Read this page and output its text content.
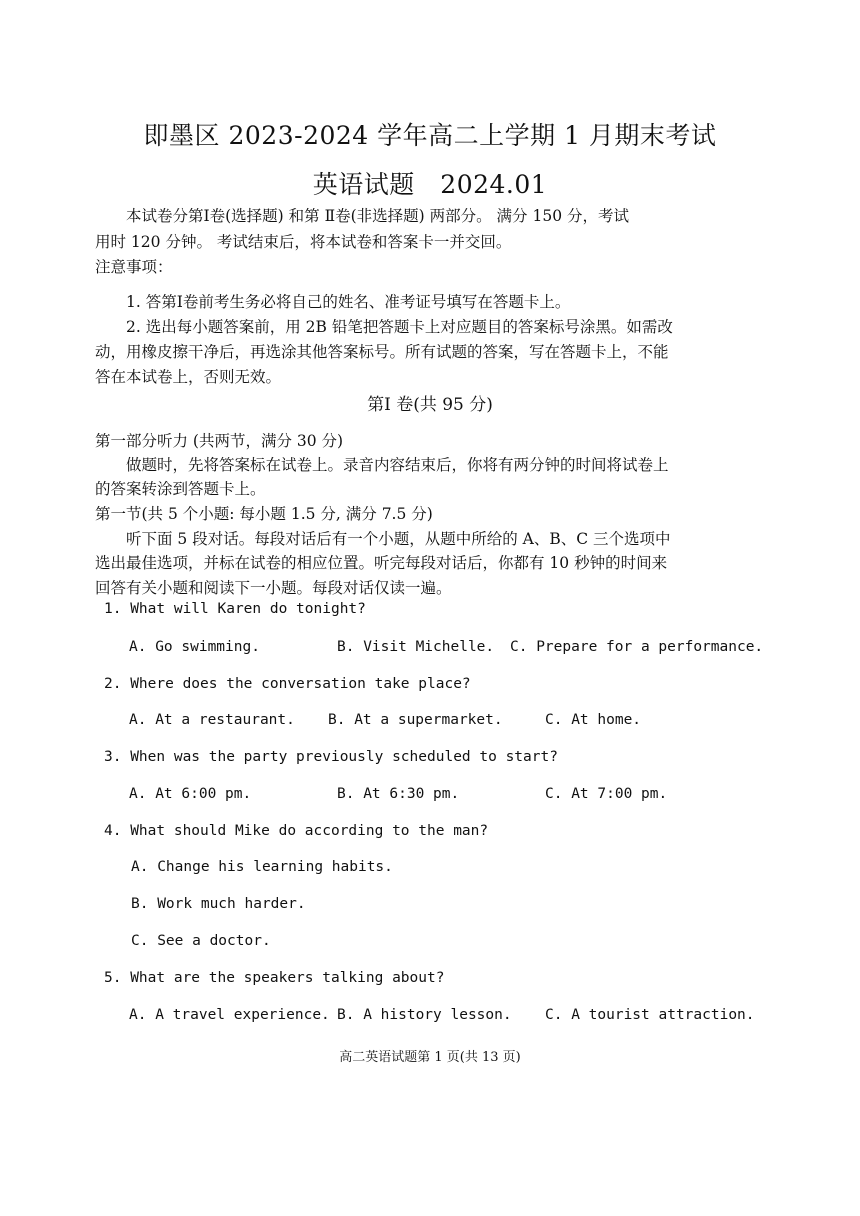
即墨区 2023-2024 学年高二上学期 1 月期末考试
英语试题　2024.01
　　本试卷分第Ⅰ卷(选择题) 和第 Ⅱ卷(非选择题) 两部分。 满分 150 分，考试
用时 120 分钟。 考试结束后，将本试卷和答案卡一并交回。
注意事项：
　　1. 答第Ⅰ卷前考生务必将自己的姓名、准考证号填写在答题卡上。
　　2. 选出每小题答案前，用 2B 铅笔把答题卡上对应题目的答案标号涂黑。如需改
动，用橡皮擦干净后，再选涂其他答案标号。所有试题的答案，写在答题卡上，不能
答在本试卷上，否则无效。
第Ⅰ 卷(共 95 分)
第一部分听力 (共两节，满分 30 分)
　　做题时，先将答案标在试卷上。录音内容结束后，你将有两分钟的时间将试卷上
的答案转涂到答题卡上。
第一节(共 5 个小题: 每小题 1.5 分, 满分 7.5 分)
　　听下面 5 段对话。每段对话后有一个小题，从题中所给的 A、B、C 三个选项中
选出最佳选项，并标在试卷的相应位置。听完每段对话后，你都有 10 秒钟的时间来
回答有关小题和阅读下一小题。每段对话仅读一遍。
1. What will Karen do tonight?
A. Go swimming.	B. Visit Michelle. C. Prepare for a performance.
2. Where does the conversation take place?
A. At a restaurant. B. At a supermarket.	C. At home.
3. When was the party previously scheduled to start?
A. At 6:00 pm.	B. At 6:30 pm.	C. At 7:00 pm.
4. What should Mike do according to the man?
A. Change his learning habits.
B. Work much harder.
C. See a doctor.
5. What are the speakers talking about?
A. A travel experience. B. A history lesson. C. A tourist attraction.
高二英语试题第 1 页(共 13 页)
